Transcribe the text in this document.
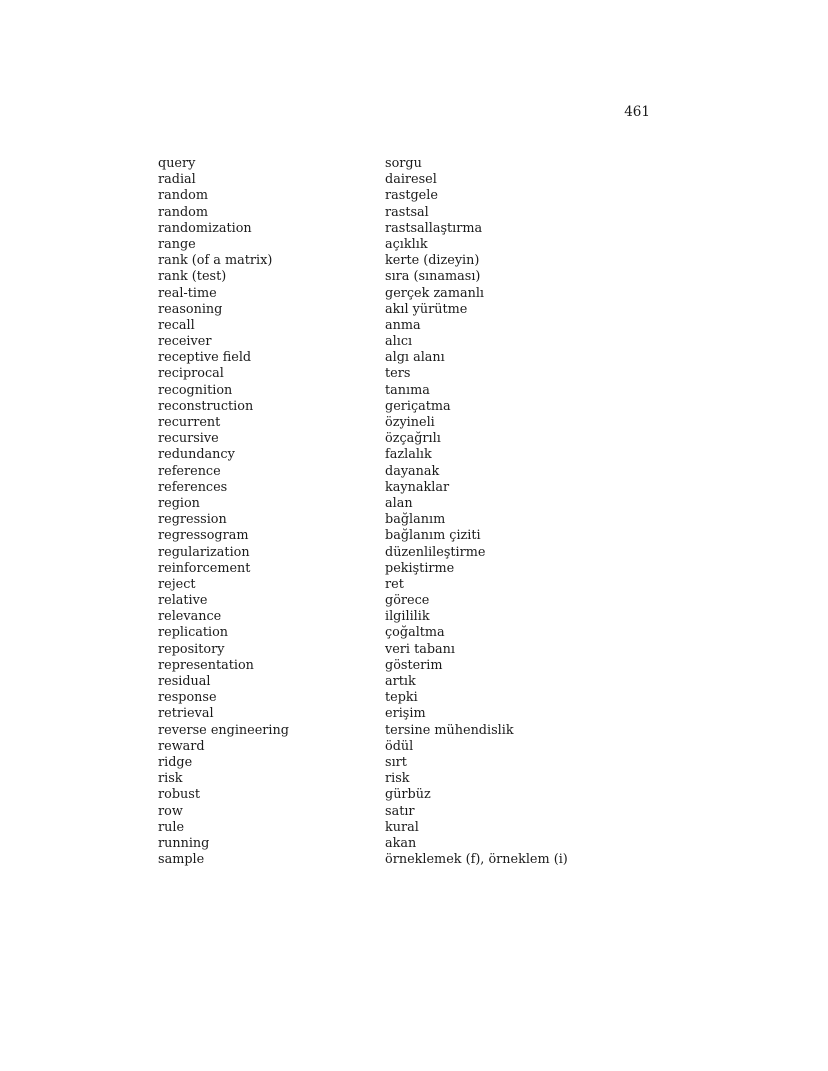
461
query	sorgu
radial	dairesel
random	rastgele
random	rastsal
randomization	rastsallaştırma
range	açıklık
rank (of a matrix)	kerte (dizeyin)
rank (test)	sıra (sınaması)
real-time	gerçek zamanlı
reasoning	akıl yürütme
recall	anma
receiver	alıcı
receptive field	algı alanı
reciprocal	ters
recognition	tanıma
reconstruction	geriçatma
recurrent	özyineli
recursive	özçağrılı
redundancy	fazlalık
reference	dayanak
references	kaynaklar
region	alan
regression	bağlanım
regressogram	bağlanım çiziti
regularization	düzenlileştirme
reinforcement	pekiştirme
reject	ret
relative	görece
relevance	ilgililik
replication	çoğaltma
repository	veri tabanı
representation	gösterim
residual	artık
response	tepki
retrieval	erişim
reverse engineering	tersine mühendislik
reward	ödül
ridge	sırt
risk	risk
robust	gürbüz
row	satır
rule	kural
running	akan
sample	örneklemek (f), örneklem (i)
